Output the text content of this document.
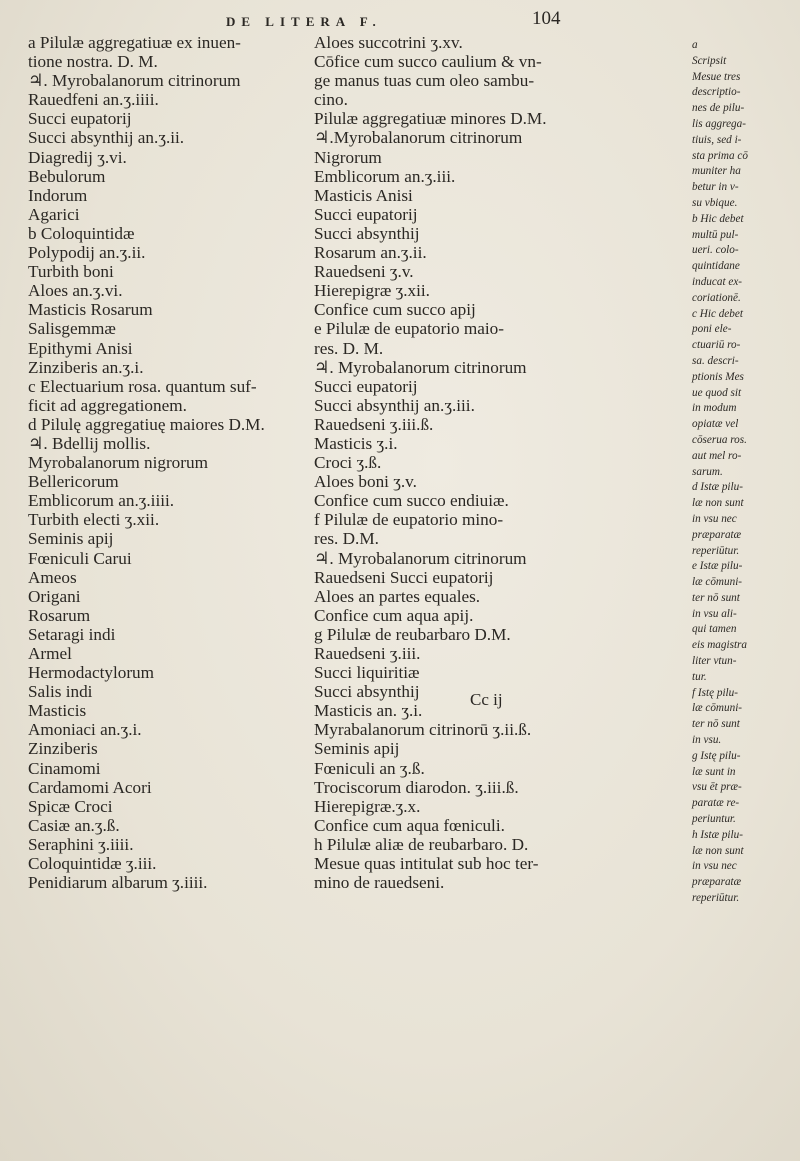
DE LITERA F.	104
a Pilulæ aggregatiuæ ex inuen-
tione nostra. D. M.
♃. Myrobalanorum citrinorum
Rauedfeni an.ʒ.iiii.
Succi eupatorij
Succi absynthij an.ʒ.ii.
Diagredij ʒ.vi.
Bebulorum
Indorum
Agarici
b Coloquintidæ
Polypodij an.ʒ.ii.
Turbith boni
Aloes an.ʒ.vi.
Masticis Rosarum
Salisgemmæ
Epithymi Anisi
Zinziberis an.ʒ.i.
c Electuarium rosa. quantum suf-
ficit ad aggregationem.
d Pilulę aggregatiuę maiores D.M.
♃. Bdellij mollis.
Myrobalanorum nigrorum
Bellericorum
Emblicorum an.ʒ.iiii.
Turbith electi ʒ.xii.
Seminis apij
Fœniculi Carui
Ameos
Origani
Rosarum
Setaragi indi
Armel
Hermodactylorum
Salis indi
Masticis
Amoniaci an.ʒ.i.
Zinziberis
Cinamomi
Cardamomi Acori
Spicæ Croci
Casiæ an.ʒ.ß.
Seraphini ʒ.iiii.
Coloquintidæ ʒ.iii.
Penidiarum albarum ʒ.iiii.
Aloes succotrini ʒ.xv.
Cōfice cum succo caulium & vn-
ge manus tuas cum oleo sambu-
cino.
Pilulæ aggregatiuæ minores D.M.
♃.Myrobalanorum citrinorum
Nigrorum
Emblicorum an.ʒ.iii.
Masticis Anisi
Succi eupatorij
Succi absynthij
Rosarum an.ʒ.ii.
Rauedseni ʒ.v.
Hierepigræ ʒ.xii.
Confice cum succo apij
e Pilulæ de eupatorio maio-
res. D. M.
♃. Myrobalanorum citrinorum
Succi eupatorij
Succi absynthij an.ʒ.iii.
Rauedseni ʒ.iii.ß.
Masticis ʒ.i.
Croci ʒ.ß.
Aloes boni ʒ.v.
Confice cum succo endiuiæ.
f Pilulæ de eupatorio mino-
res. D.M.
♃. Myrobalanorum citrinorum
Rauedseni Succi eupatorij
Aloes an partes equales.
Confice cum aqua apij.
g Pilulæ de reubarbaro D.M.
Rauedseni ʒ.iii.
Succi liquiritiæ
Succi absynthij
Masticis an. ʒ.i.
Myrabalanorum citrinorū ʒ.ii.ß.
Seminis apij
Fœniculi an ʒ.ß.
Trociscorum diarodon. ʒ.iii.ß.
Hierepigræ.ʒ.x.
Confice cum aqua fœniculi.
h Pilulæ aliæ de reubarbaro. D.
Mesue quas intitulat sub hoc ter-
mino de rauedseni.
a
Scripsit
Mesue tres
descriptio-
nes de pilu-
lis aggrega-
tiuis, sed i-
sta prima cō
muniter ha
betur in v-
su vbique.
b Hic debet
multū pul-
ueri. colo-
quintidane
inducat ex-
coriationē.
c Hic debet
poni ele-
ctuariū ro-
sa. descri-
ptionis Mes
ue quod sit
in modum
opiatæ vel
cōserua ros.
aut mel ro-
sarum.
d Istæ pilu-
læ non sunt
in vsu nec
præparatæ
reperiūtur.
e Istæ pilu-
læ cōmuni-
ter nō sunt
in vsu ali-
qui tamen
eis magistra
liter vtun-
tur.
f Istę pilu-
læ cōmuni-
ter nō sunt
in vsu.
g Istę pilu-
læ sunt in
vsu ēt præ-
paratæ re-
periuntur.
h Istæ pilu-
læ non sunt
in vsu nec
præparatæ
reperiūtur.
Cc ij
